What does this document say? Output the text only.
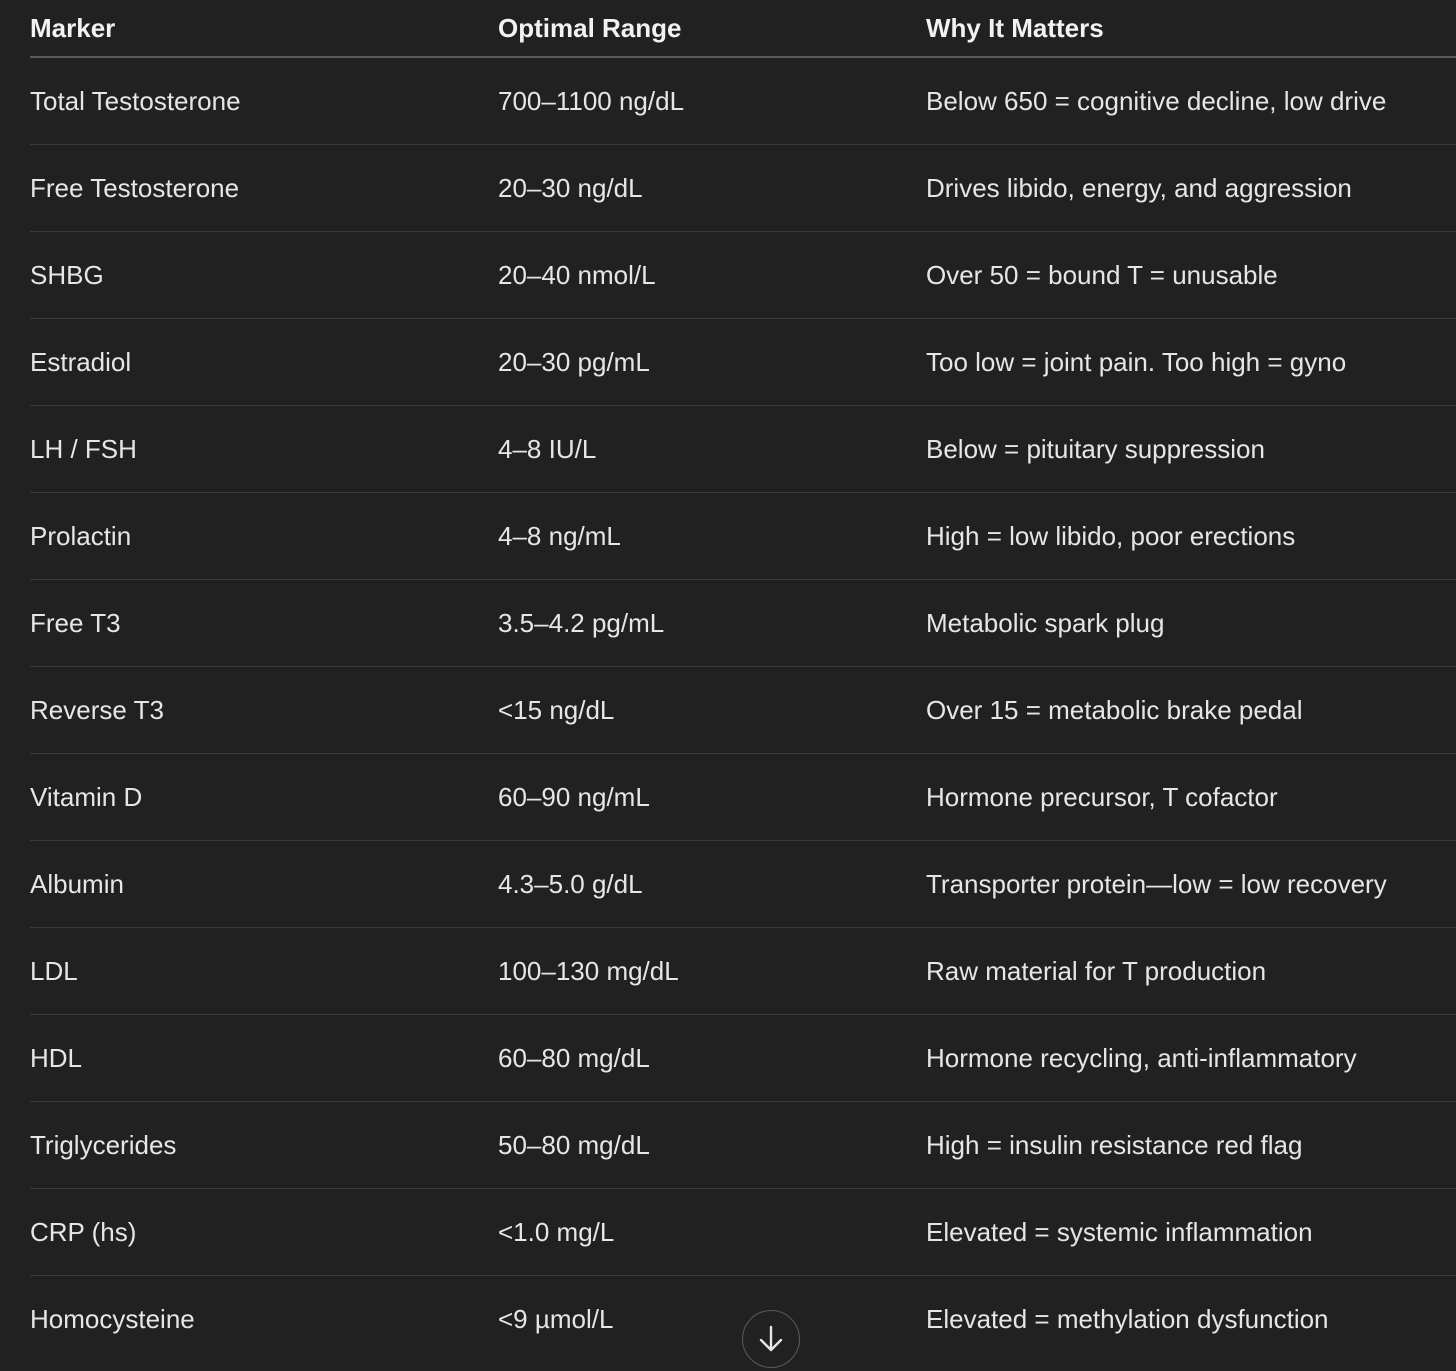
Marker	Optimal Range	Why It Matters
Total Testosterone	700–1100 ng/dL	Below 650 = cognitive decline, low drive
Free Testosterone	20–30 ng/dL	Drives libido, energy, and aggression
SHBG	20–40 nmol/L	Over 50 = bound T = unusable
Estradiol	20–30 pg/mL	Too low = joint pain. Too high = gyno
LH / FSH	4–8 IU/L	Below = pituitary suppression
Prolactin	4–8 ng/mL	High = low libido, poor erections
Free T3	3.5–4.2 pg/mL	Metabolic spark plug
Reverse T3	<15 ng/dL	Over 15 = metabolic brake pedal
Vitamin D	60–90 ng/mL	Hormone precursor, T cofactor
Albumin	4.3–5.0 g/dL	Transporter protein—low = low recovery
LDL	100–130 mg/dL	Raw material for T production
HDL	60–80 mg/dL	Hormone recycling, anti-inflammatory
Triglycerides	50–80 mg/dL	High = insulin resistance red flag
CRP (hs)	<1.0 mg/L	Elevated = systemic inflammation
Homocysteine	<9 µmol/L	Elevated = methylation dysfunction
